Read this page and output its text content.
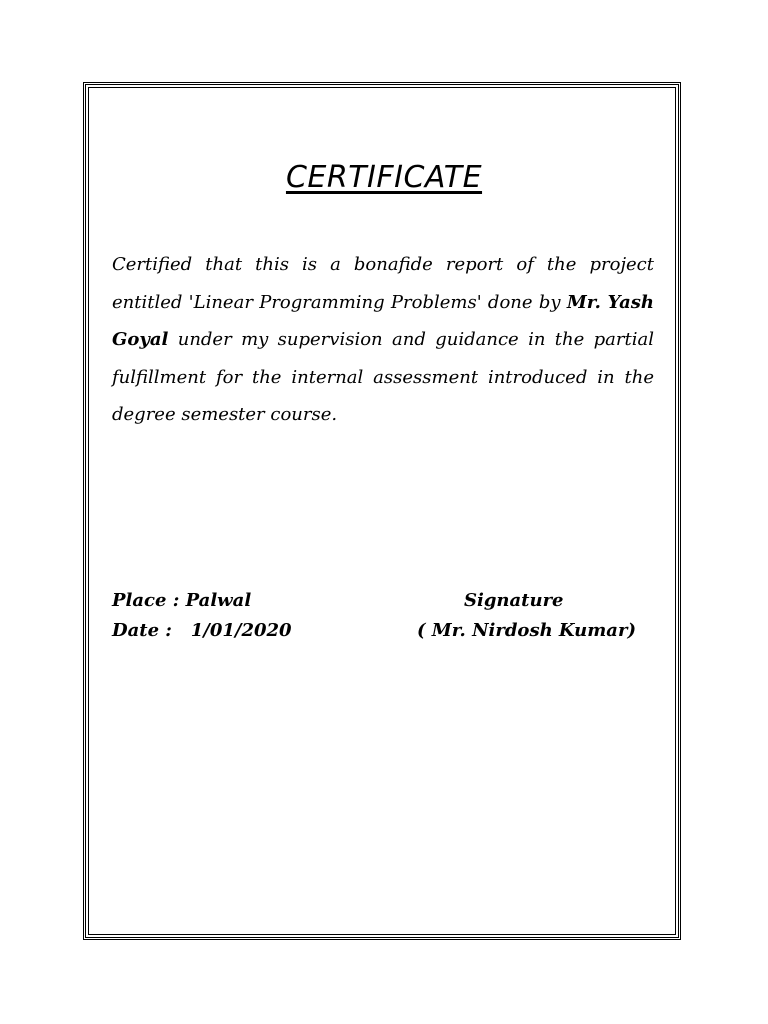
CERTIFICATE
Certified that this is a bonafide report of the project entitled 'Linear Programming Problems' done by Mr. Yash Goyal under my supervision and guidance in the partial fulfillment for the internal assessment introduced in the degree semester course.
Place : Palwal
Date :   1/01/2020
Signature
( Mr. Nirdosh Kumar)
